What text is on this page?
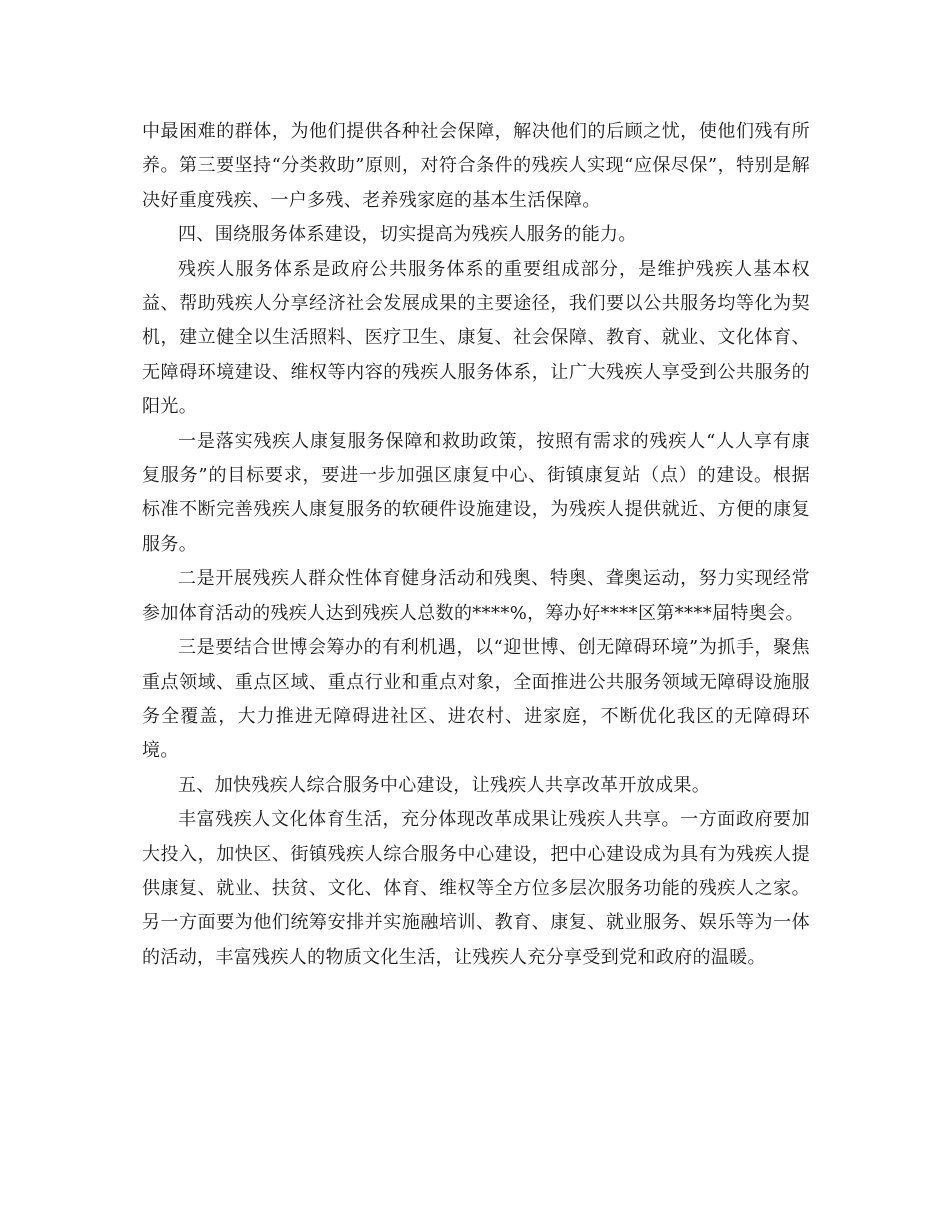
中最困难的群体，为他们提供各种社会保障，解决他们的后顾之忧，使他们残有所养。第三要坚持“分类救助”原则，对符合条件的残疾人实现“应保尽保”，特别是解决好重度残疾、一户多残、老养残家庭的基本生活保障。

四、围绕服务体系建设，切实提高为残疾人服务的能力。

残疾人服务体系是政府公共服务体系的重要组成部分，是维护残疾人基本权益、帮助残疾人分享经济社会发展成果的主要途径，我们要以公共服务均等化为契机，建立健全以生活照料、医疗卫生、康复、社会保障、教育、就业、文化体育、无障碍环境建设、维权等内容的残疾人服务体系，让广大残疾人享受到公共服务的阳光。

一是落实残疾人康复服务保障和救助政策，按照有需求的残疾人“人人享有康复服务”的目标要求，要进一步加强区康复中心、街镇康复站（点）的建设。根据标准不断完善残疾人康复服务的软硬件设施建设，为残疾人提供就近、方便的康复服务。

二是开展残疾人群众性体育健身活动和残奥、特奥、聋奥运动，努力实现经常参加体育活动的残疾人达到残疾人总数的****%，筹办好****区第****届特奥会。

三是要结合世博会筹办的有利机遇，以“迎世博、创无障碍环境”为抓手，聚焦重点领域、重点区域、重点行业和重点对象，全面推进公共服务领域无障碍设施服务全覆盖，大力推进无障碍进社区、进农村、进家庭，不断优化我区的无障碍环境。

五、加快残疾人综合服务中心建设，让残疾人共享改革开放成果。

丰富残疾人文化体育生活，充分体现改革成果让残疾人共享。一方面政府要加大投入，加快区、街镇残疾人综合服务中心建设，把中心建设成为具有为残疾人提供康复、就业、扶贫、文化、体育、维权等全方位多层次服务功能的残疾人之家。另一方面要为他们统筹安排并实施融培训、教育、康复、就业服务、娱乐等为一体的活动，丰富残疾人的物质文化生活，让残疾人充分享受到党和政府的温暖。
